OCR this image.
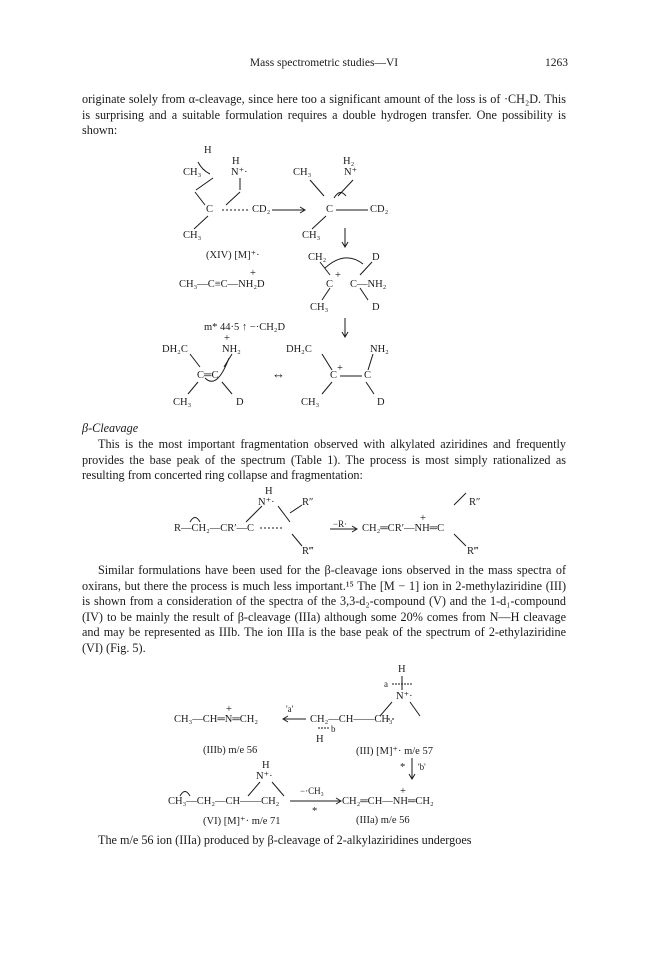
Mass spectrometric studies—VI	1263
originate solely from α-cleavage, since here too a significant amount of the loss is of ·CH₂D. This is surprising and a suitable formulation requires a double hydrogen transfer. One possibility is shown:
H
H	H₂
CH₃	N⁺·	CH₃	N⁺
C	CD₂	C	CD₂
CH₃	CH₃
(XIV) [M]⁺·	CH₂	D
+	+
CH₃—C≡C—NH₂D	C C—NH₂
CH₃	D
m* 44·5 ↑ −·CH₂D
+
+
DH₂C	NH₂	DH₂C	NH₂
C═C	↔	C	C
CH₃	D	CH₃	D
β-Cleavage
This is the most important fragmentation observed with alkylated aziridines and frequently provides the base peak of the spectrum (Table 1). The process is most simply rationalized as resulting from concerted ring collapse and fragmentation:
H
N⁺·	R″	R″
R—CH₂—CR′—C	−R·	+
CH₂═CR′—NH═C
R‴	R‴
Similar formulations have been used for the β-cleavage ions observed in the mass spectra of oxirans, but there the process is much less important.¹⁵ The [M − 1] ion in 2-methylaziridine (III) is shown from a consideration of the spectra of the 3,3-d₂-compound (V) and the 1-d₁-compound (IV) to be mainly the result of β-cleavage (IIIa) although some 20% comes from N—H cleavage and may be represented as IIIb. The ion IIIa is the base peak of the spectrum of 2-ethylaziridine (VI) (Fig. 5).
H
a
N⁺·
+	'a'
CH₃—CH═N═CH₂	CH₂—CH——CH₃
b
H
(IIIb) m/e 56	(III) [M]⁺· m/e 57
* 'b'
H
N⁺·
−·CH₃	+
CH₃—CH₂—CH——CH₂	CH₂═CH—NH═CH₂
*
(VI) [M]⁺· m/e 71	(IIIa) m/e 56
The m/e 56 ion (IIIa) produced by β-cleavage of 2-alkylaziridines undergoes
